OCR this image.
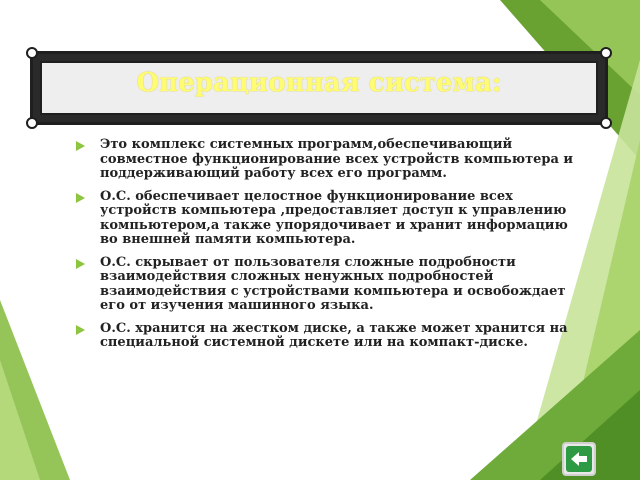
Операционная система:
Это комплекс системных программ,обеспечивающий совместное функционирование всех устройств компьютера и поддерживающий работу всех его программ.
О.С. обеспечивает целостное функционирование всех устройств компьютера ,предоставляет доступ к управлению компьютером,а также упорядочивает и хранит информацию во внешней памяти компьютера.
О.С. скрывает от пользователя сложные подробности взаимодействия сложных ненужных подробностей взаимодействия с устройствами компьютера и освобождает его от изучения машинного языка.
О.С. хранится на жестком диске, а также может хранится на специальной системной дискете или на компакт-диске.
